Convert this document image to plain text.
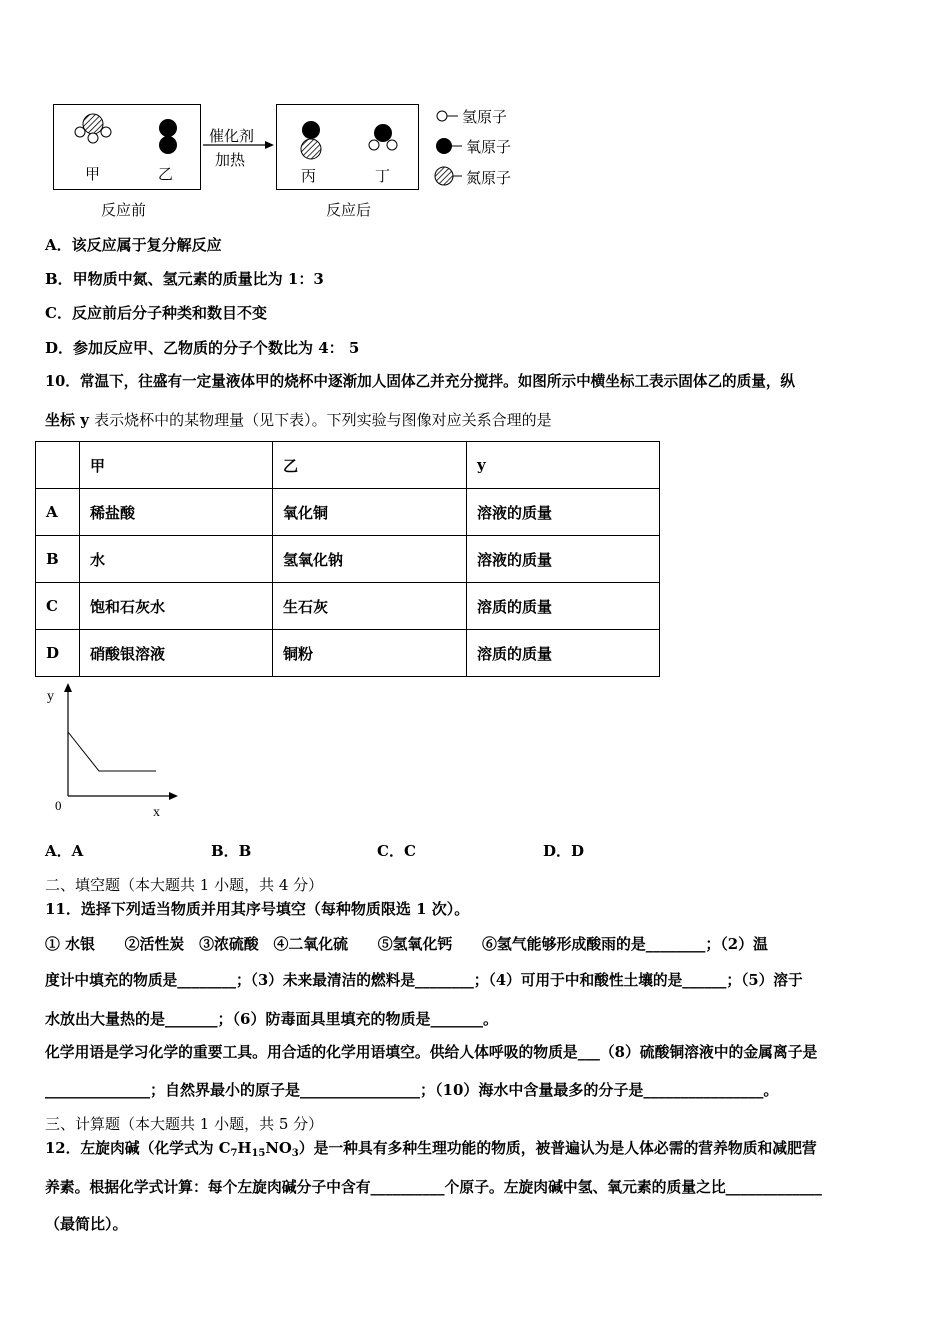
甲	乙	丙	丁
催化剂
加热
反应前	反应后
氢原子
氧原子
氮原子
A．该反应属于复分解反应
B．甲物质中氮、氢元素的质量比为 1：3
C．反应前后分子种类和数目不变
D．参加反应甲、乙物质的分子个数比为 4： 5
10．常温下，往盛有一定量液体甲的烧杯中逐渐加人固体乙并充分搅拌。如图所示中横坐标工表示固体乙的质量，纵
坐标 y 表示烧杯中的某物理量（见下表）。下列实验与图像对应关系合理的是
	甲	乙	y
A	稀盐酸	氧化铜	溶液的质量
B	水	氢氧化钠	溶液的质量
C	饱和石灰水	生石灰	溶质的质量
D	硝酸银溶液	铜粉	溶质的质量
y
0	x
A．A	B．B	C．C	D．D
二、填空题（本大题共 1 小题，共 4 分）
11．选择下列适当物质并用其序号填空（每种物质限选 1 次）。
① 水银　　②活性炭　③浓硫酸　④二氧化硫　　⑤氢氧化钙　　⑥氢气能够形成酸雨的是________；（2）温
度计中填充的物质是________；（3）未来最清洁的燃料是________；（4）可用于中和酸性土壤的是______；（5）溶于
水放出大量热的是_______；（6）防毒面具里填充的物质是_______。
化学用语是学习化学的重要工具。用合适的化学用语填空。供给人体呼吸的物质是___（8）硫酸铜溶液中的金属离子是
______________；自然界最小的原子是________________；（10）海水中含量最多的分子是________________。
三、计算题（本大题共 1 小题，共 5 分）
12．左旋肉碱（化学式为 $C_7H_{15}NO_3$）是一种具有多种生理功能的物质，被普遍认为是人体必需的营养物质和减肥营
养素。根据化学式计算：每个左旋肉碱分子中含有__________个原子。左旋肉碱中氢、氧元素的质量之比_____________
（最简比）。
